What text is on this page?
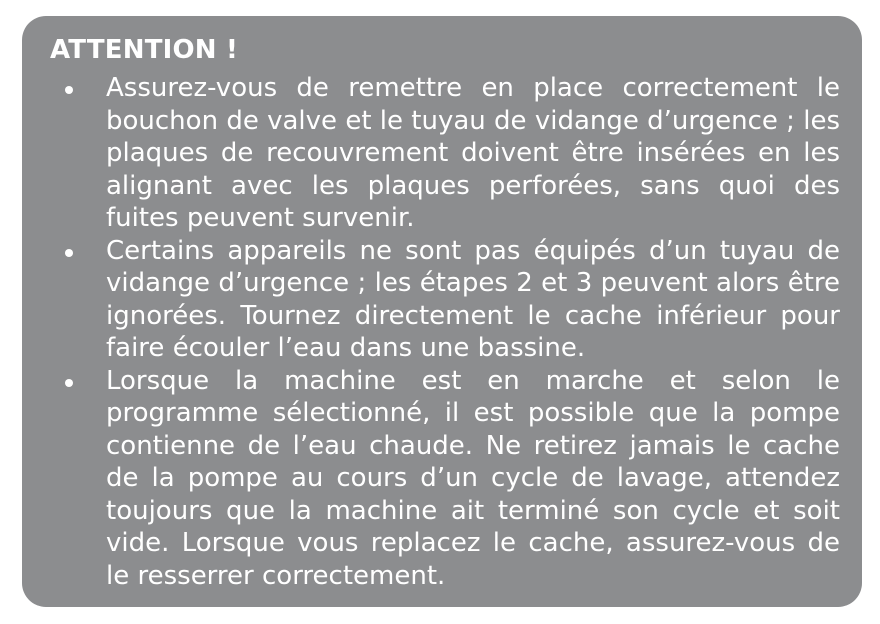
ATTENTION !
Assurez-vous de remettre en place correctement le bouchon de valve et le tuyau de vidange d’urgence ; les plaques de recouvrement doivent être insérées en les alignant avec les plaques perforées, sans quoi des fuites peuvent survenir.
Certains appareils ne sont pas équipés d’un tuyau de vidange d’urgence ; les étapes 2 et 3 peuvent alors être ignorées. Tournez directement le cache inférieur pour faire écouler l’eau dans une bassine.
Lorsque la machine est en marche et selon le programme sélectionné, il est possible que la pompe contienne de l’eau chaude. Ne retirez jamais le cache de la pompe au cours d’un cycle de lavage, attendez toujours que la machine ait terminé son cycle et soit vide. Lorsque vous replacez le cache, assurez-vous de le resserrer correctement.
